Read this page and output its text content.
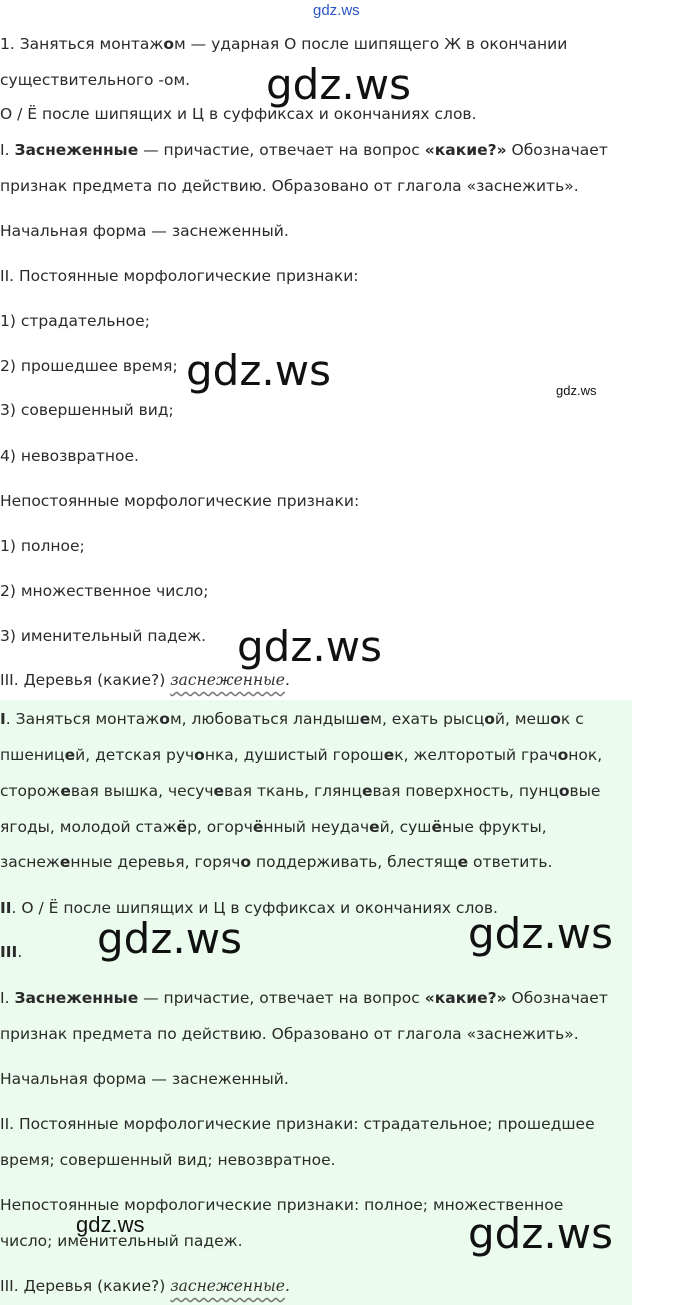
gdz.ws
1. Заняться монтажом — ударная О после шипящего Ж в окончании
существительного -ом.
О / Ё после шипящих и Ц в суффиксах и окончаниях слов.
I. Заснеженные — причастие, отвечает на вопрос «какие?» Обозначает
признак предмета по действию. Образовано от глагола «заснежить».
Начальная форма — заснеженный.
II. Постоянные морфологические признаки:
1) страдательное;
2) прошедшее время;
3) совершенный вид;
4) невозвратное.
Непостоянные морфологические признаки:
1) полное;
2) множественное число;
3) именительный падеж.
III. Деревья (какие?) заснеженные.
I. Заняться монтажом, любоваться ландышем, ехать рысцой, мешок с
пшеницей, детская ручонка, душистый горошек, желторотый грачонок,
сторожевая вышка, чесучевая ткань, глянцевая поверхность, пунцовые
ягоды, молодой стажёр, огорчённый неудачей, сушёные фрукты,
заснеженные деревья, горячо поддерживать, блестяще ответить.
II. О / Ё после шипящих и Ц в суффиксах и окончаниях слов.
III.
I. Заснеженные — причастие, отвечает на вопрос «какие?» Обозначает
признак предмета по действию. Образовано от глагола «заснежить».
Начальная форма — заснеженный.
II. Постоянные морфологические признаки: страдательное; прошедшее
время; совершенный вид; невозвратное.
Непостоянные морфологические признаки: полное; множественное
число; именительный падеж.
III. Деревья (какие?) заснеженные.
gdz.ws
gdz.ws	gdz.ws
gdz.ws
gdz.ws	gdz.ws
gdz.ws	gdz.ws
